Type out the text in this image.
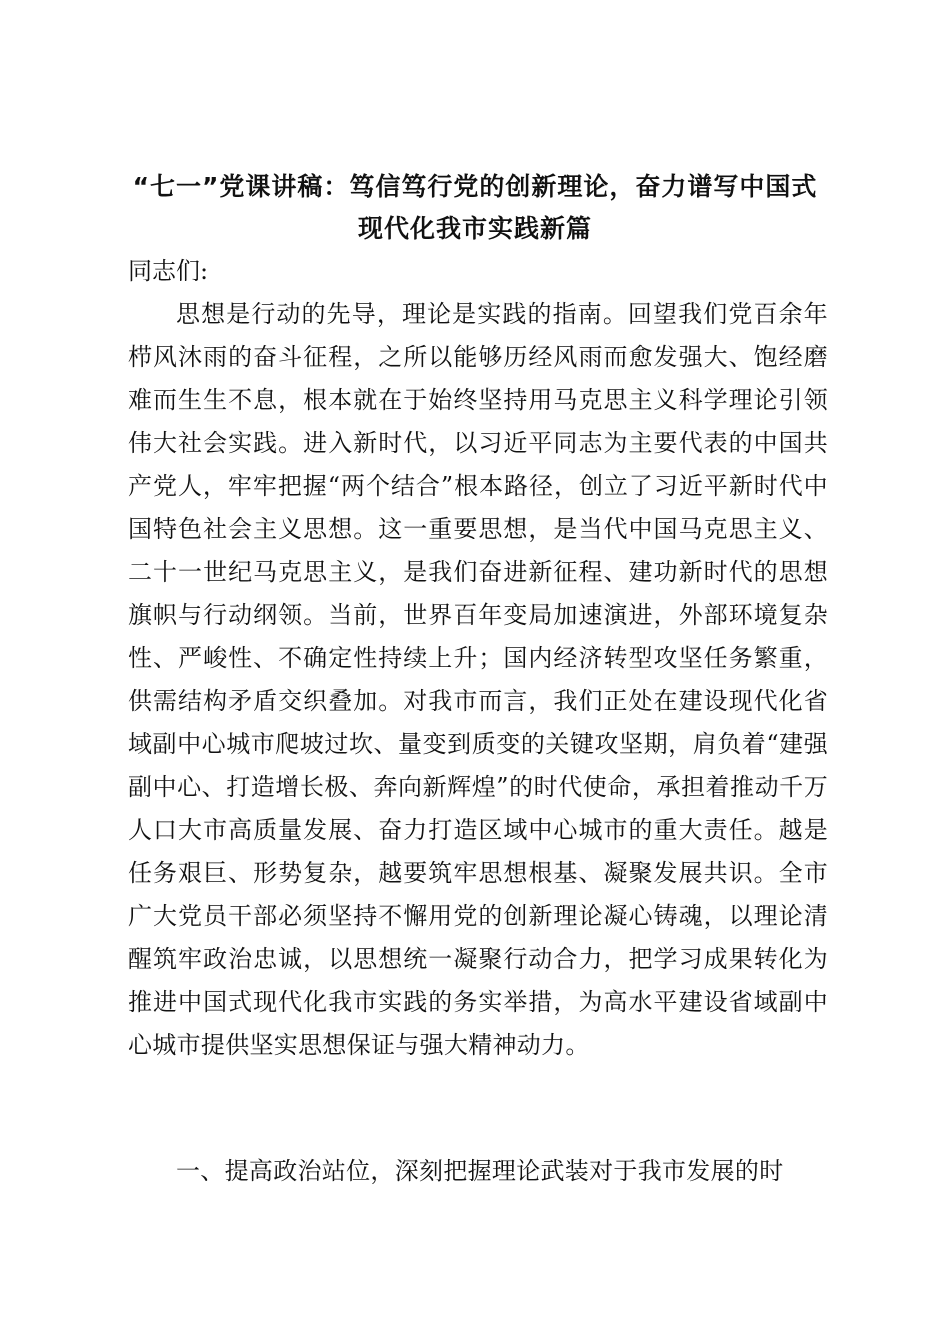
“七一”党课讲稿：笃信笃行党的创新理论，奋力谱写中国式
现代化我市实践新篇

同志们:

思想是行动的先导，理论是实践的指南。回望我们党百余年栉风沐雨的奋斗征程，之所以能够历经风雨而愈发强大、饱经磨难而生生不息，根本就在于始终坚持用马克思主义科学理论引领伟大社会实践。进入新时代，以习近平同志为主要代表的中国共产党人，牢牢把握“两个结合”根本路径，创立了习近平新时代中国特色社会主义思想。这一重要思想，是当代中国马克思主义、二十一世纪马克思主义，是我们奋进新征程、建功新时代的思想旗帜与行动纲领。当前，世界百年变局加速演进，外部环境复杂性、严峻性、不确定性持续上升；国内经济转型攻坚任务繁重，供需结构矛盾交织叠加。对我市而言，我们正处在建设现代化省域副中心城市爬坡过坎、量变到质变的关键攻坚期，肩负着“建强副中心、打造增长极、奔向新辉煌”的时代使命，承担着推动千万人口大市高质量发展、奋力打造区域中心城市的重大责任。越是任务艰巨、形势复杂，越要筑牢思想根基、凝聚发展共识。全市广大党员干部必须坚持不懈用党的创新理论凝心铸魂，以理论清醒筑牢政治忠诚，以思想统一凝聚行动合力，把学习成果转化为推进中国式现代化我市实践的务实举措，为高水平建设省域副中心城市提供坚实思想保证与强大精神动力。

一、提高政治站位，深刻把握理论武装对于我市发展的时
